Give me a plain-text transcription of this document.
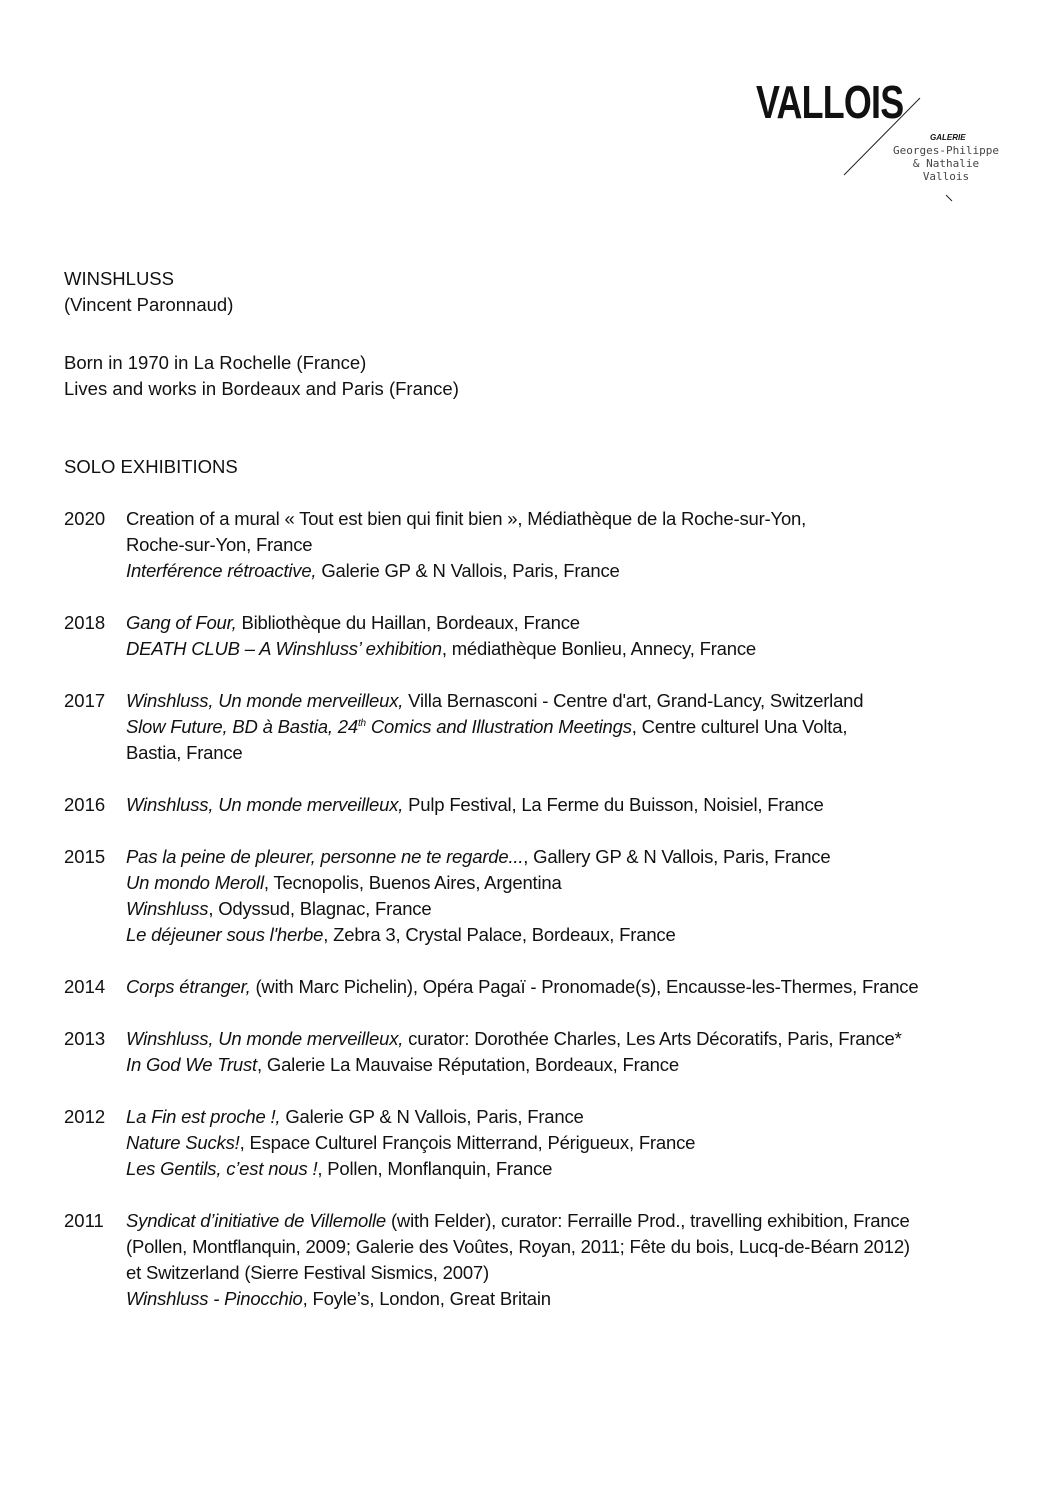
VALLOIS
GALERIE
Georges-Philippe
& Nathalie
Vallois
WINSHLUSS
(Vincent Paronnaud)
Born in 1970 in La Rochelle (France)
Lives and works in Bordeaux and Paris (France)
SOLO EXHIBITIONS
2020	Creation of a mural « Tout est bien qui finit bien », Médiathèque de la Roche-sur-Yon,
Roche-sur-Yon, France
Interférence rétroactive, Galerie GP & N Vallois, Paris, France
2018	Gang of Four, Bibliothèque du Haillan, Bordeaux, France
DEATH CLUB – A Winshluss’ exhibition, médiathèque Bonlieu, Annecy, France
2017	Winshluss, Un monde merveilleux, Villa Bernasconi - Centre d'art, Grand-Lancy, Switzerland
Slow Future, BD à Bastia, 24th Comics and Illustration Meetings, Centre culturel Una Volta,
Bastia, France
2016	Winshluss, Un monde merveilleux, Pulp Festival, La Ferme du Buisson, Noisiel, France
2015	Pas la peine de pleurer, personne ne te regarde..., Gallery GP & N Vallois, Paris, France
Un mondo Meroll, Tecnopolis, Buenos Aires, Argentina
Winshluss, Odyssud, Blagnac, France
Le déjeuner sous l'herbe, Zebra 3, Crystal Palace, Bordeaux, France
2014	Corps étranger, (with Marc Pichelin), Opéra Pagaï - Pronomade(s), Encausse-les-Thermes, France
2013	Winshluss, Un monde merveilleux, curator: Dorothée Charles, Les Arts Décoratifs, Paris, France*
In God We Trust, Galerie La Mauvaise Réputation, Bordeaux, France
2012	La Fin est proche !, Galerie GP & N Vallois, Paris, France
Nature Sucks!, Espace Culturel François Mitterrand, Périgueux, France
Les Gentils, c’est nous !, Pollen, Monflanquin, France
2011	Syndicat d’initiative de Villemolle (with Felder), curator: Ferraille Prod., travelling exhibition, France
(Pollen, Montflanquin, 2009; Galerie des Voûtes, Royan, 2011; Fête du bois, Lucq-de-Béarn 2012)
et Switzerland (Sierre Festival Sismics, 2007)
Winshluss - Pinocchio, Foyle’s, London, Great Britain
